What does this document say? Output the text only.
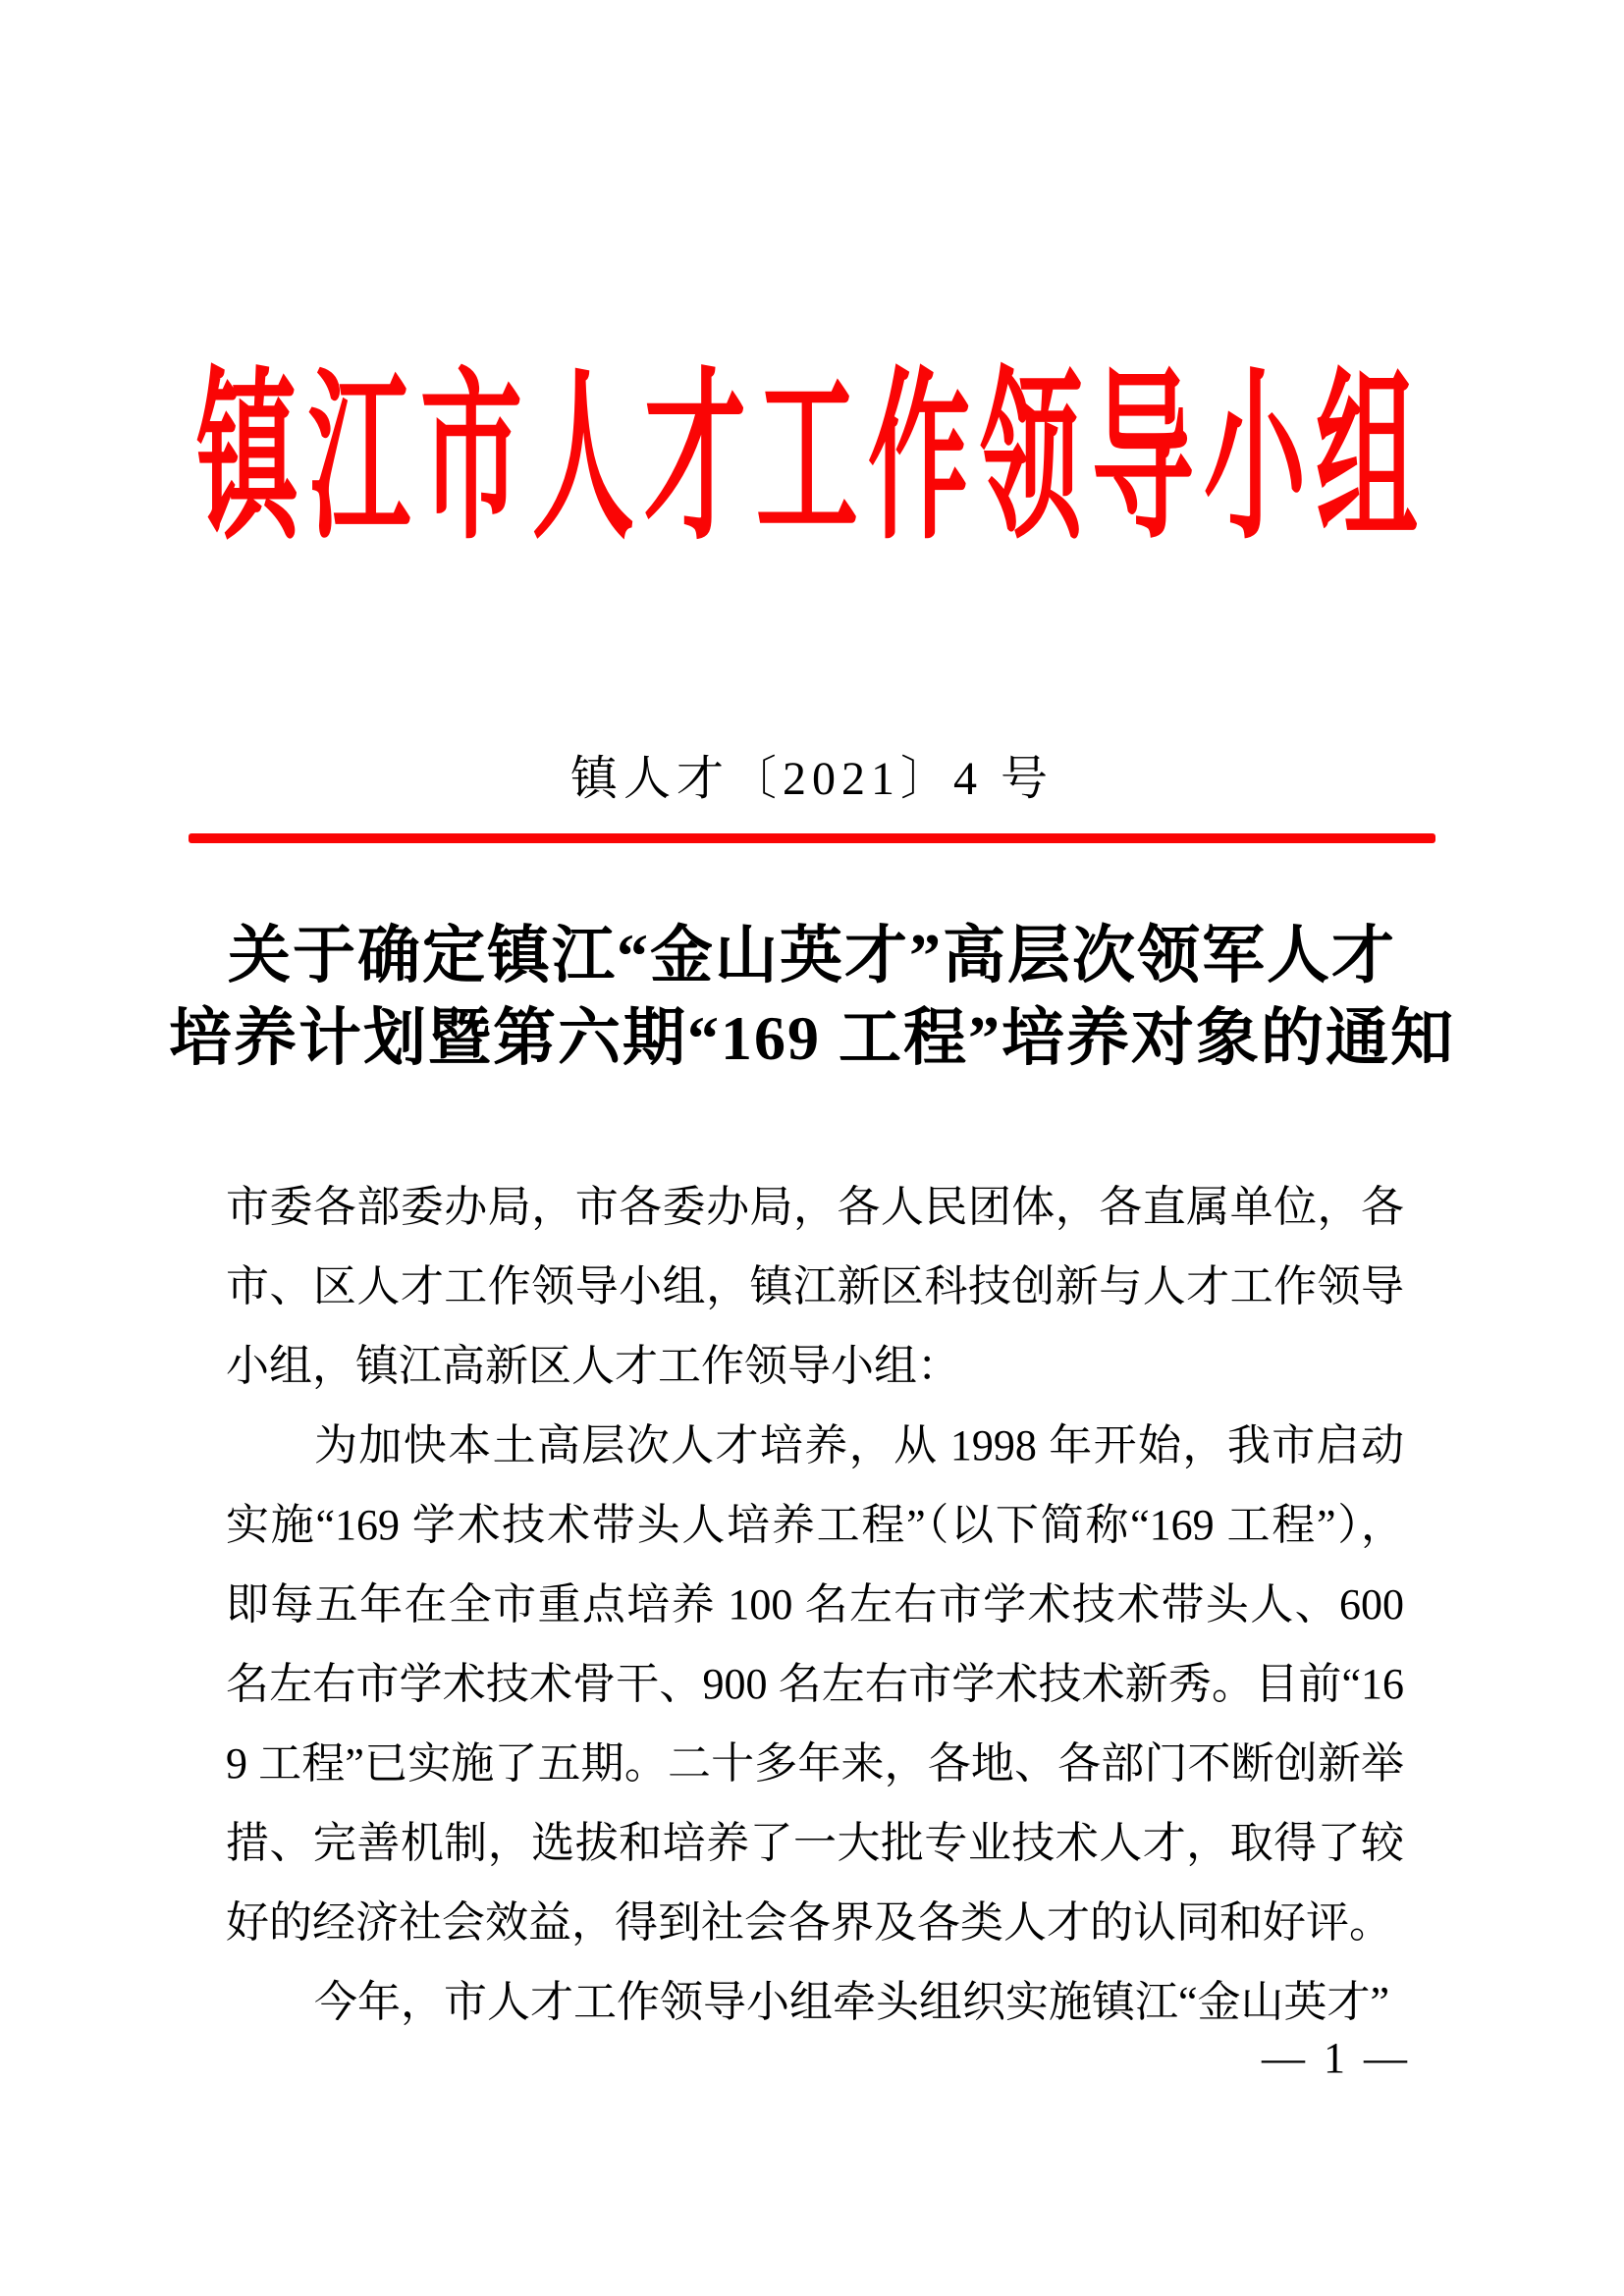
镇江市人才工作领导小组
镇人才〔2021〕4 号
关于确定镇江“金山英才”高层次领军人才
培养计划暨第六期“169 工程”培养对象的通知

市委各部委办局，市各委办局，各人民团体，各直属单位，各市、区人才工作领导小组，镇江新区科技创新与人才工作领导小组，镇江高新区人才工作领导小组：

为加快本土高层次人才培养，从 1998 年开始，我市启动实施“169 学术技术带头人培养工程”（以下简称“169 工程”），即每五年在全市重点培养 100 名左右市学术技术带头人、600 名左右市学术技术骨干、900 名左右市学术技术新秀。目前“169 工程”已实施了五期。二十多年来，各地、各部门不断创新举措、完善机制，选拔和培养了一大批专业技术人才，取得了较好的经济社会效益，得到社会各界及各类人才的认同和好评。

今年，市人才工作领导小组牵头组织实施镇江“金山英才”

— 1 —
